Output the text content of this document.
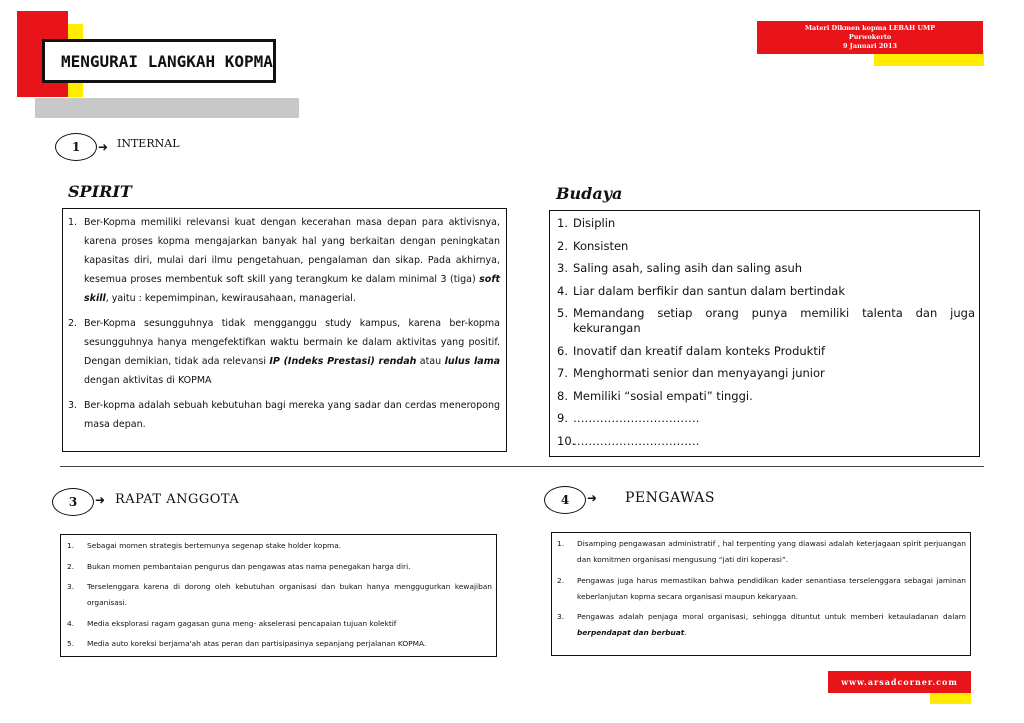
MENGURAI LANGKAH KOPMA
Materi Dikmen kopma LEBAH UMP
Purwokerto
9 Januari 2013
1	➜ INTERNAL
SPIRIT	Budaya
1. Ber-Kopma memiliki relevansi kuat dengan kecerahan masa depan para aktivisnya, karena proses kopma mengajarkan banyak hal yang berkaitan dengan peningkatan kapasitas diri, mulai dari ilmu pengetahuan, pengalaman dan sikap. Pada akhirnya, kesemua proses membentuk soft skill yang terangkum ke dalam minimal 3 (tiga) soft skill, yaitu : kepemimpinan, kewirausahaan, managerial.
2. Ber-Kopma sesungguhnya tidak mengganggu study kampus, karena ber-kopma sesungguhnya hanya mengefektifkan waktu bermain ke dalam aktivitas yang positif. Dengan demikian, tidak ada relevansi IP (Indeks Prestasi) rendah atau lulus lama dengan aktivitas di KOPMA
3. Ber-kopma adalah sebuah kebutuhan bagi mereka yang sadar dan cerdas meneropong masa depan.
1. Disiplin
2. Konsisten
3. Saling asah, saling asih dan saling asuh
4. Liar dalam berfikir dan santun dalam bertindak
5. Memandang setiap orang punya memiliki talenta dan juga kekurangan
6. Inovatif dan kreatif dalam konteks Produktif
7. Menghormati senior dan menyayangi junior
8. Memiliki “sosial empati” tinggi.
9. ……………………………
10.
……………………………
3	➜ RAPAT ANGGOTA
1.	Sebagai momen strategis bertemunya segenap stake holder kopma.
2.	Bukan momen pembantaian pengurus dan pengawas atas nama penegakan harga diri.
3.	Terselenggara karena di dorong oleh kebutuhan organisasi dan bukan hanya menggugurkan kewajiban organisasi.
4.	Media eksplorasi ragam gagasan guna meng- akselerasi pencapaian tujuan kolektif
5.	Media auto koreksi berjama'ah atas peran dan partisipasinya sepanjang perjalanan KOPMA.
4	➜ PENGAWAS
1.	Disamping pengawasan administratif , hal terpenting yang diawasi adalah keterjagaan spirit perjuangan dan komitmen organisasi mengusung “jati diri koperasi”.
2.	Pengawas juga harus memastikan bahwa pendidikan kader senantiasa terselenggara sebagai jaminan keberlanjutan kopma secara organisasi maupun kekaryaan.
3.	Pengawas adalah penjaga moral organisasi, sehingga dituntut untuk memberi ketauladanan dalam berpendapat dan berbuat.
www.arsadcorner.com
